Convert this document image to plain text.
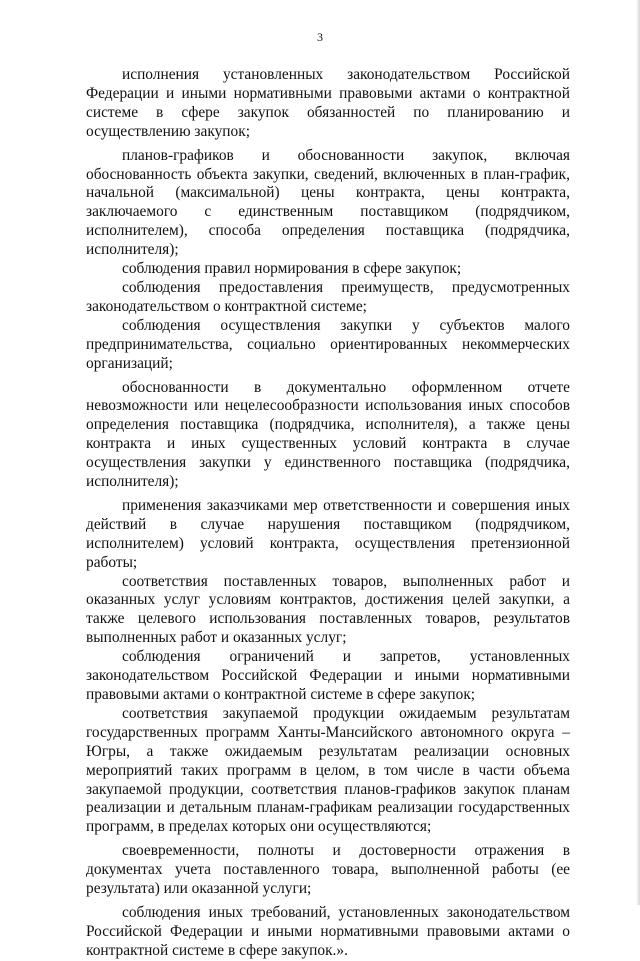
3

исполнения установленных законодательством Российской Федерации и иными нормативными правовыми актами о контрактной системе в сфере закупок обязанностей по планированию и осуществлению закупок;

планов-графиков и обоснованности закупок, включая обоснованность объекта закупки, сведений, включенных в план-график, начальной (максимальной) цены контракта, цены контракта, заключаемого с единственным поставщиком (подрядчиком, исполнителем), способа определения поставщика (подрядчика, исполнителя);

соблюдения правил нормирования в сфере закупок;

соблюдения предоставления преимуществ, предусмотренных законодательством о контрактной системе;

соблюдения осуществления закупки у субъектов малого предпринимательства, социально ориентированных некоммерческих организаций;

обоснованности в документально оформленном отчете невозможности или нецелесообразности использования иных способов определения поставщика (подрядчика, исполнителя), а также цены контракта и иных существенных условий контракта в случае осуществления закупки у единственного поставщика (подрядчика, исполнителя);

применения заказчиками мер ответственности и совершения иных действий в случае нарушения поставщиком (подрядчиком, исполнителем) условий контракта, осуществления претензионной работы;

соответствия поставленных товаров, выполненных работ и оказанных услуг условиям контрактов, достижения целей закупки, а также целевого использования поставленных товаров, результатов выполненных работ и оказанных услуг;

соблюдения ограничений и запретов, установленных законодательством Российской Федерации и иными нормативными правовыми актами о контрактной системе в сфере закупок;

соответствия закупаемой продукции ожидаемым результатам государственных программ Ханты-Мансийского автономного округа – Югры, а также ожидаемым результатам реализации основных мероприятий таких программ в целом, в том числе в части объема закупаемой продукции, соответствия планов-графиков закупок планам реализации и детальным планам-графикам реализации государственных программ, в пределах которых они осуществляются;

своевременности, полноты и достоверности отражения в документах учета поставленного товара, выполненной работы (ее результата) или оказанной услуги;

соблюдения иных требований, установленных законодательством Российской Федерации и иными нормативными правовыми актами о контрактной системе в сфере закупок.».
